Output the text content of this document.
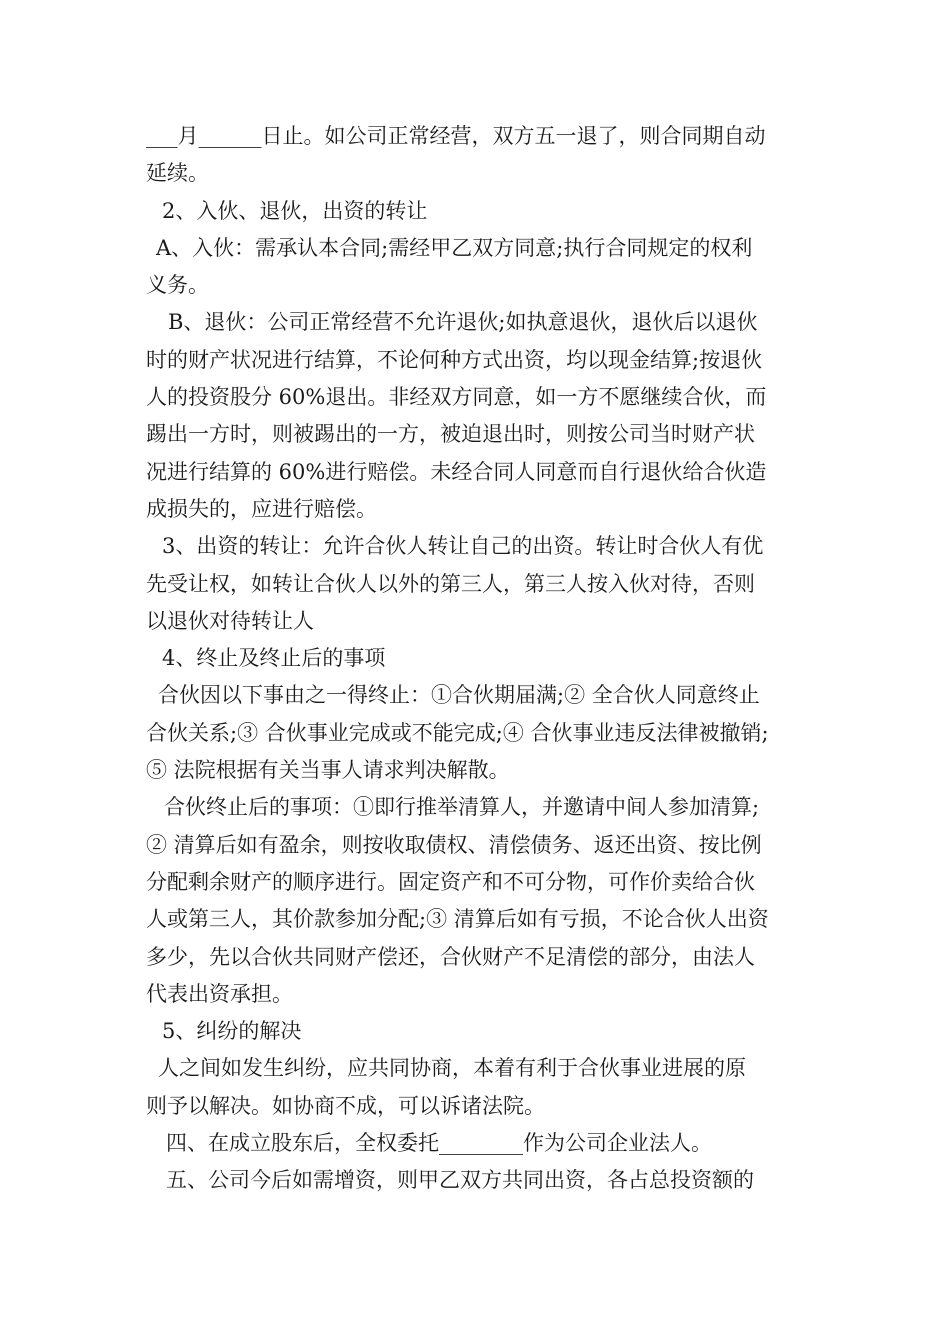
___月______日止。如公司正常经营，双方五一退了，则合同期自动
延续。
2、入伙、退伙，出资的转让
A、入伙：需承认本合同;需经甲乙双方同意;执行合同规定的权利
义务。
B、退伙：公司正常经营不允许退伙;如执意退伙，退伙后以退伙
时的财产状况进行结算，不论何种方式出资，均以现金结算;按退伙
人的投资股分 60%退出。非经双方同意，如一方不愿继续合伙，而
踢出一方时，则被踢出的一方，被迫退出时，则按公司当时财产状
况进行结算的 60%进行赔偿。未经合同人同意而自行退伙给合伙造
成损失的，应进行赔偿。
3、出资的转让：允许合伙人转让自己的出资。转让时合伙人有优
先受让权，如转让合伙人以外的第三人，第三人按入伙对待，否则
以退伙对待转让人
4、终止及终止后的事项
合伙因以下事由之一得终止：①合伙期届满;② 全合伙人同意终止
合伙关系;③ 合伙事业完成或不能完成;④ 合伙事业违反法律被撤销;
⑤ 法院根据有关当事人请求判决解散。
合伙终止后的事项：①即行推举清算人，并邀请中间人参加清算;
② 清算后如有盈余，则按收取债权、清偿债务、返还出资、按比例
分配剩余财产的顺序进行。固定资产和不可分物，可作价卖给合伙
人或第三人，其价款参加分配;③ 清算后如有亏损，不论合伙人出资
多少，先以合伙共同财产偿还，合伙财产不足清偿的部分，由法人
代表出资承担。
5、纠纷的解决
人之间如发生纠纷，应共同协商，本着有利于合伙事业进展的原
则予以解决。如协商不成，可以诉诸法院。
四、在成立股东后，全权委托________作为公司企业法人。
五、公司今后如需增资，则甲乙双方共同出资，各占总投资额的
